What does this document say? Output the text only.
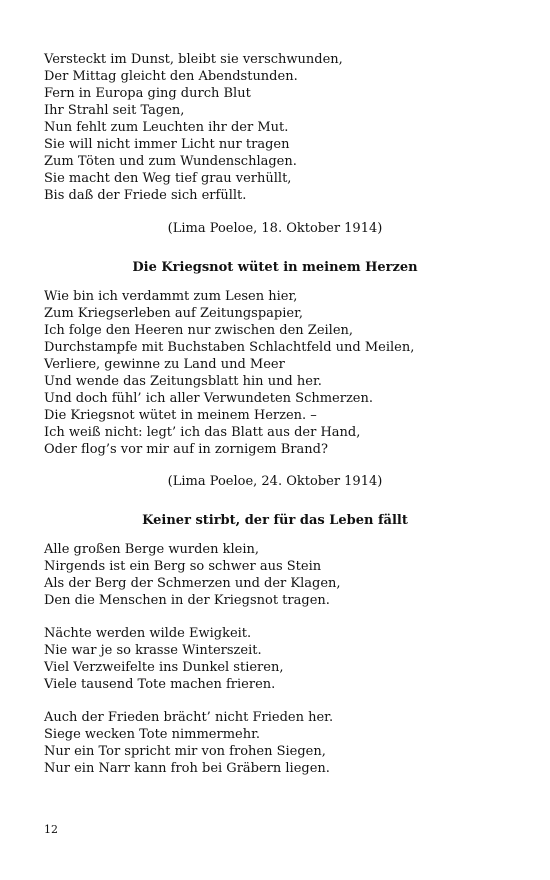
Versteckt im Dunst, bleibt sie verschwunden,
Der Mittag gleicht den Abendstunden.
Fern in Europa ging durch Blut
Ihr Strahl seit Tagen,
Nun fehlt zum Leuchten ihr der Mut.
Sie will nicht immer Licht nur tragen
Zum Töten und zum Wundenschlagen.
Sie macht den Weg tief grau verhüllt,
Bis daß der Friede sich erfüllt.
(Lima Poeloe, 18. Oktober 1914)
Die Kriegsnot wütet in meinem Herzen
Wie bin ich verdammt zum Lesen hier,
Zum Kriegserleben auf Zeitungspapier,
Ich folge den Heeren nur zwischen den Zeilen,
Durchstampfe mit Buchstaben Schlachtfeld und Meilen,
Verliere, gewinne zu Land und Meer
Und wende das Zeitungsblatt hin und her.
Und doch fühl’ ich aller Verwundeten Schmerzen.
Die Kriegsnot wütet in meinem Herzen. –
Ich weiß nicht: legt’ ich das Blatt aus der Hand,
Oder flog’s vor mir auf in zornigem Brand?
(Lima Poeloe, 24. Oktober 1914)
Keiner stirbt, der für das Leben fällt
Alle großen Berge wurden klein,
Nirgends ist ein Berg so schwer aus Stein
Als der Berg der Schmerzen und der Klagen,
Den die Menschen in der Kriegsnot tragen.
Nächte werden wilde Ewigkeit.
Nie war je so krasse Winterszeit.
Viel Verzweifelte ins Dunkel stieren,
Viele tausend Tote machen frieren.
Auch der Frieden brächt’ nicht Frieden her.
Siege wecken Tote nimmermehr.
Nur ein Tor spricht mir von frohen Siegen,
Nur ein Narr kann froh bei Gräbern liegen.
12
